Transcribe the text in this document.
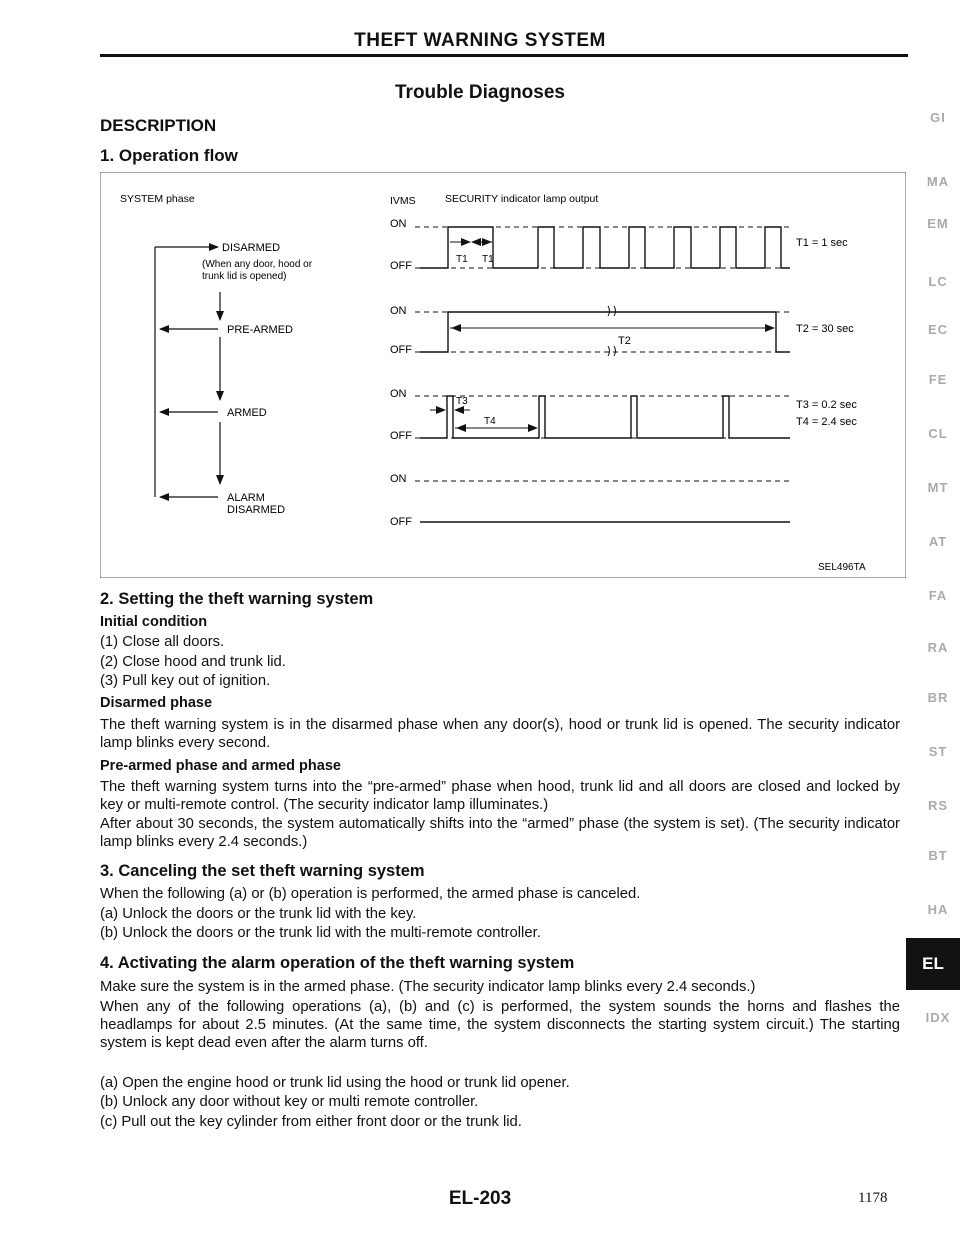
THEFT WARNING SYSTEM
Trouble Diagnoses
DESCRIPTION
1. Operation flow
SYSTEM phase	IVMS	SECURITY indicator lamp output
DISARMED
(When any door, hood or
trunk lid is opened)
PRE-ARMED
ARMED
ALARM
DISARMED
ON
OFF
ON
OFF
ON
OFF
ON
OFF
T1 T1
T1 = 1 sec
T2
T2 = 30 sec
T3
T4
T3 = 0.2 sec
T4 = 2.4 sec
SEL496TA
2. Setting the theft warning system
Initial condition
(1) Close all doors.
(2) Close hood and trunk lid.
(3) Pull key out of ignition.
Disarmed phase
The theft warning system is in the disarmed phase when any door(s), hood or trunk lid is opened. The security indicator lamp blinks every second.
Pre-armed phase and armed phase
The theft warning system turns into the “pre-armed” phase when hood, trunk lid and all doors are closed and locked by key or multi-remote control. (The security indicator lamp illuminates.)
After about 30 seconds, the system automatically shifts into the “armed” phase (the system is set). (The security indicator lamp blinks every 2.4 seconds.)
3. Canceling the set theft warning system
When the following (a) or (b) operation is performed, the armed phase is canceled.
(a) Unlock the doors or the trunk lid with the key.
(b) Unlock the doors or the trunk lid with the multi-remote controller.
4. Activating the alarm operation of the theft warning system
Make sure the system is in the armed phase. (The security indicator lamp blinks every 2.4 seconds.)
When any of the following operations (a), (b) and (c) is performed, the system sounds the horns and flashes the headlamps for about 2.5 minutes. (At the same time, the system disconnects the starting system circuit.) The starting system is kept dead even after the alarm turns off.
(a) Open the engine hood or trunk lid using the hood or trunk lid opener.
(b) Unlock any door without key or multi remote controller.
(c) Pull out the key cylinder from either front door or the trunk lid.
GI
MA
EM
LC
EC
FE
CL
MT
AT
FA
RA
BR
ST
RS
BT
HA
EL
IDX
EL-203	1178
